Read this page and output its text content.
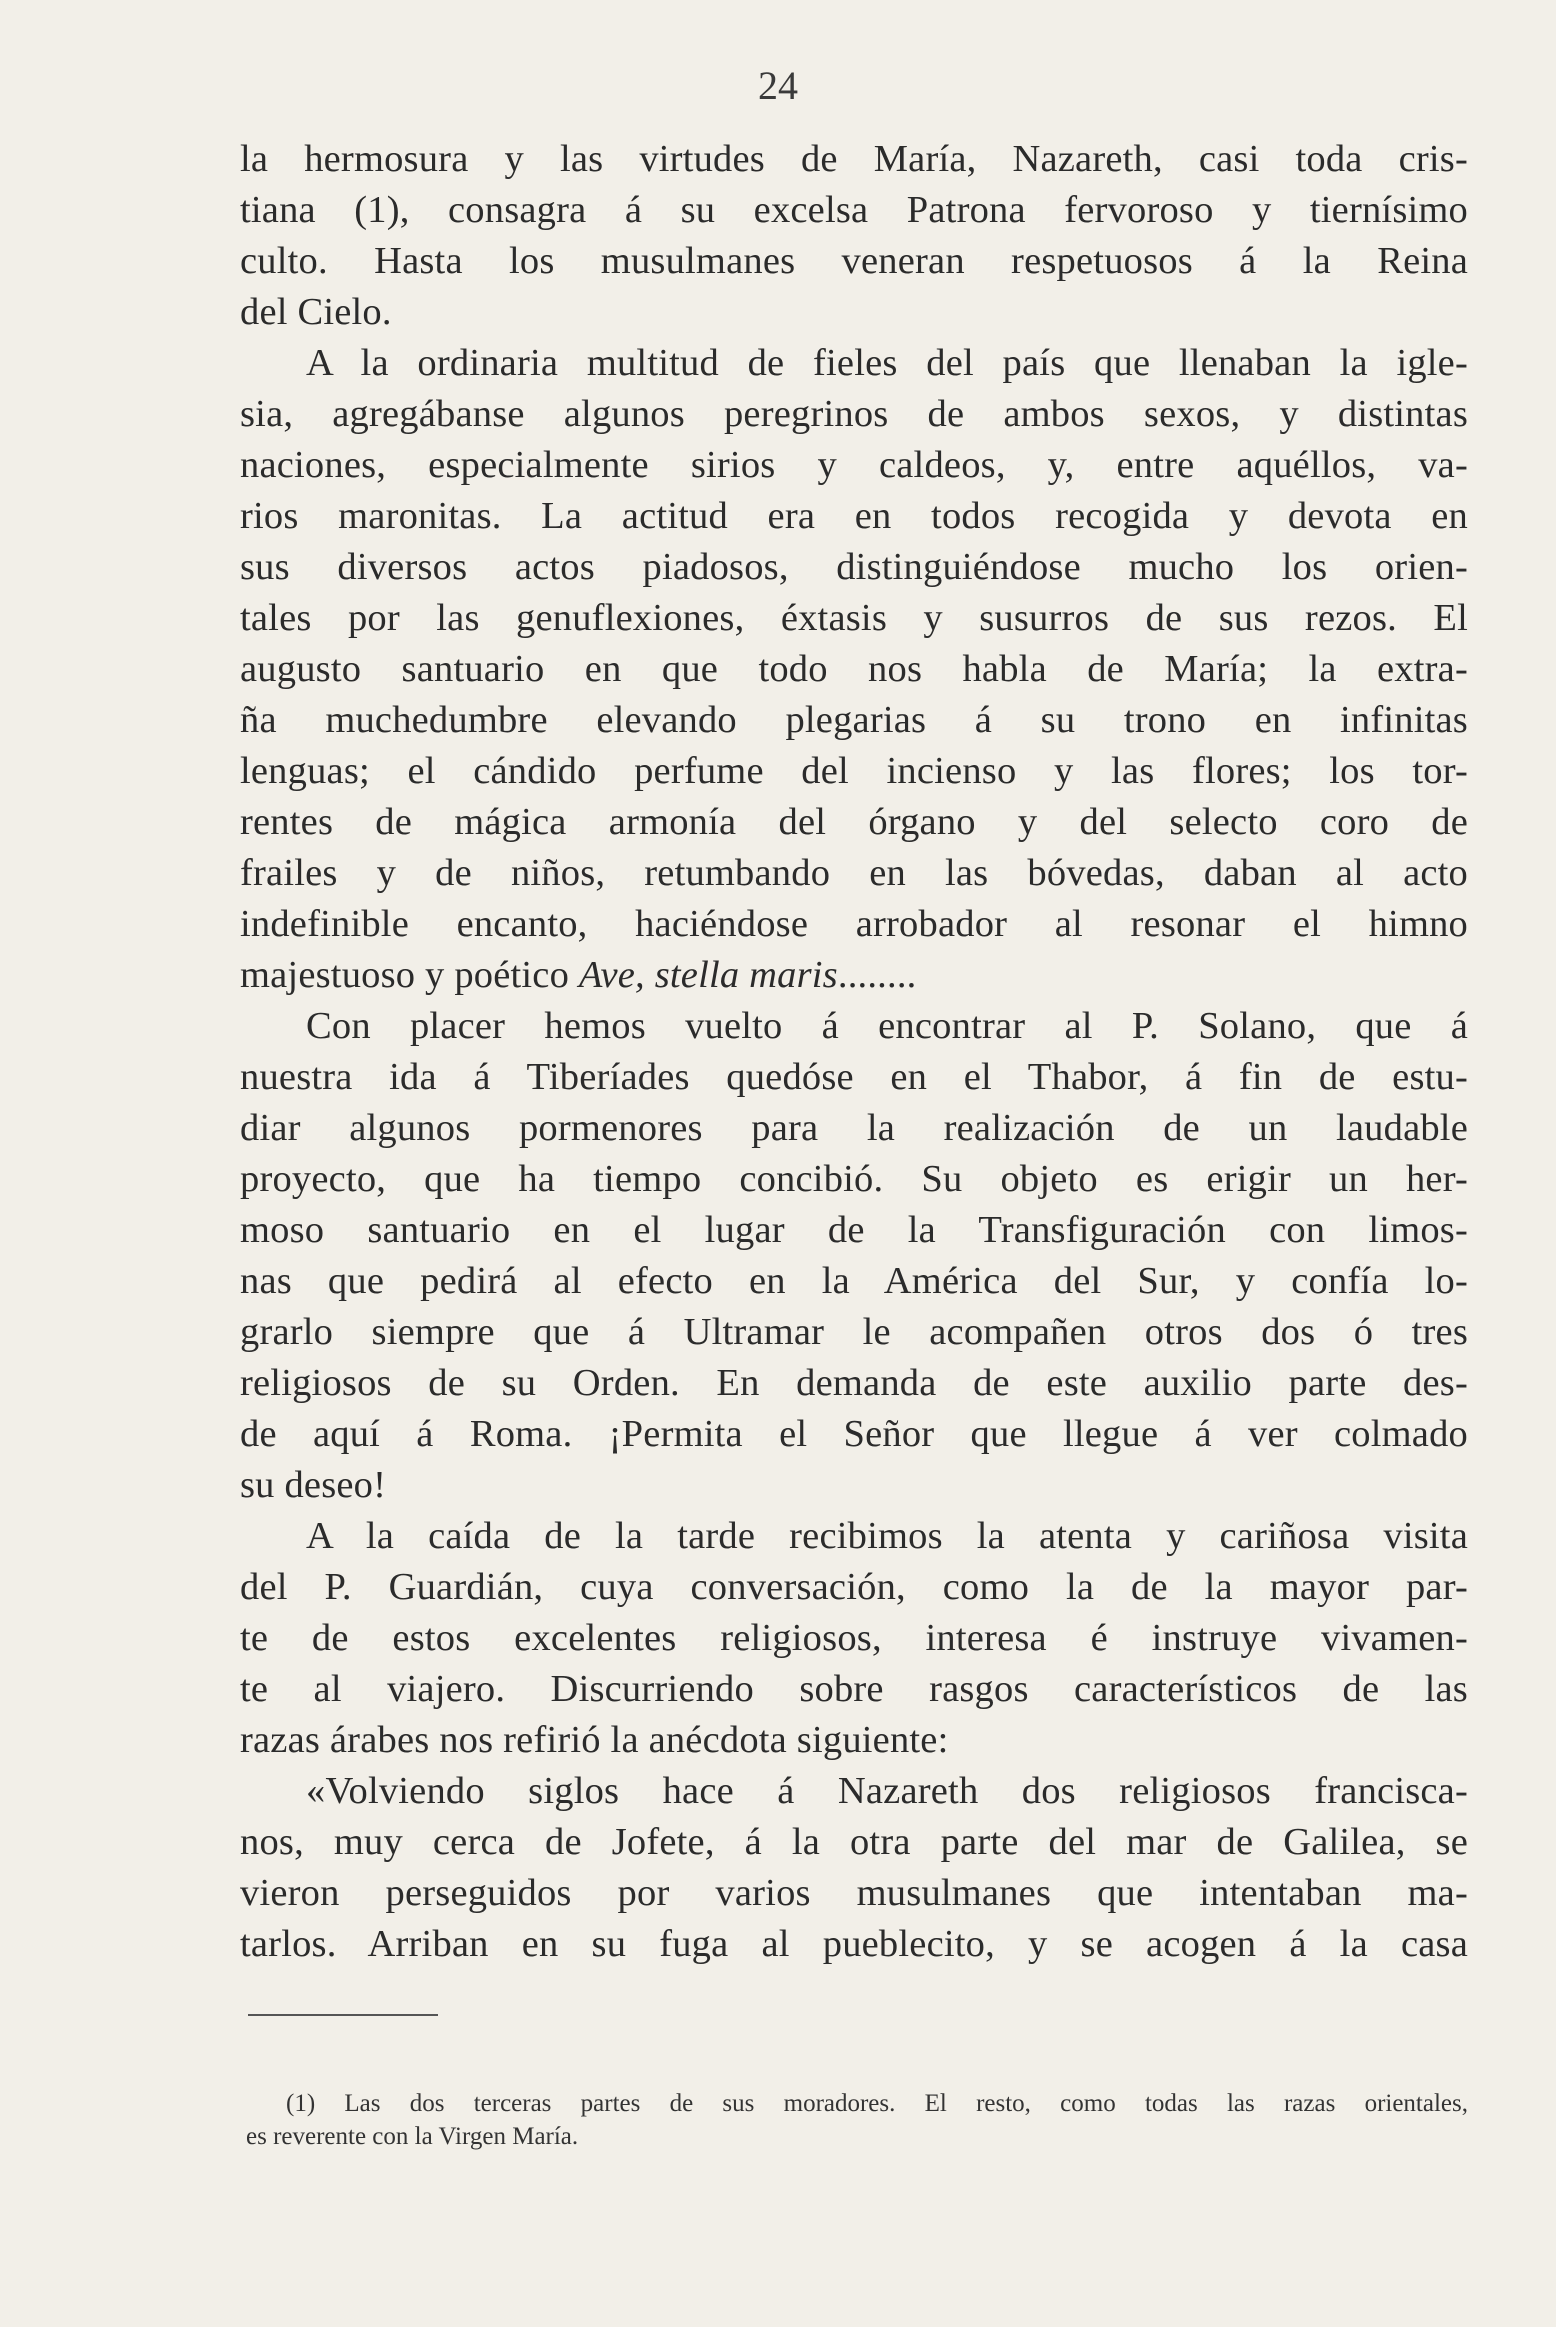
24
la hermosura y las virtudes de María, Nazareth, casi toda cris-
tiana (1), consagra á su excelsa Patrona fervoroso y tiernísimo
culto. Hasta los musulmanes veneran respetuosos á la Reina
del Cielo.
A la ordinaria multitud de fieles del país que llenaban la igle-
sia, agregábanse algunos peregrinos de ambos sexos, y distintas
naciones, especialmente sirios y caldeos, y, entre aquéllos, va-
rios maronitas. La actitud era en todos recogida y devota en
sus diversos actos piadosos, distinguiéndose mucho los orien-
tales por las genuflexiones, éxtasis y susurros de sus rezos. El
augusto santuario en que todo nos habla de María; la extra-
ña muchedumbre elevando plegarias á su trono en infinitas
lenguas; el cándido perfume del incienso y las flores; los tor-
rentes de mágica armonía del órgano y del selecto coro de
frailes y de niños, retumbando en las bóvedas, daban al acto
indefinible encanto, haciéndose arrobador al resonar el himno
majestuoso y poético Ave, stella maris........
Con placer hemos vuelto á encontrar al P. Solano, que á
nuestra ida á Tiberíades quedóse en el Thabor, á fin de estu-
diar algunos pormenores para la realización de un laudable
proyecto, que ha tiempo concibió. Su objeto es erigir un her-
moso santuario en el lugar de la Transfiguración con limos-
nas que pedirá al efecto en la América del Sur, y confía lo-
grarlo siempre que á Ultramar le acompañen otros dos ó tres
religiosos de su Orden. En demanda de este auxilio parte des-
de aquí á Roma. ¡Permita el Señor que llegue á ver colmado
su deseo!
A la caída de la tarde recibimos la atenta y cariñosa visita
del P. Guardián, cuya conversación, como la de la mayor par-
te de estos excelentes religiosos, interesa é instruye vivamen-
te al viajero. Discurriendo sobre rasgos característicos de las
razas árabes nos refirió la anécdota siguiente:
«Volviendo siglos hace á Nazareth dos religiosos francisca-
nos, muy cerca de Jofete, á la otra parte del mar de Galilea, se
vieron perseguidos por varios musulmanes que intentaban ma-
tarlos. Arriban en su fuga al pueblecito, y se acogen á la casa
(1) Las dos terceras partes de sus moradores. El resto, como todas las razas orientales,
es reverente con la Virgen María.
